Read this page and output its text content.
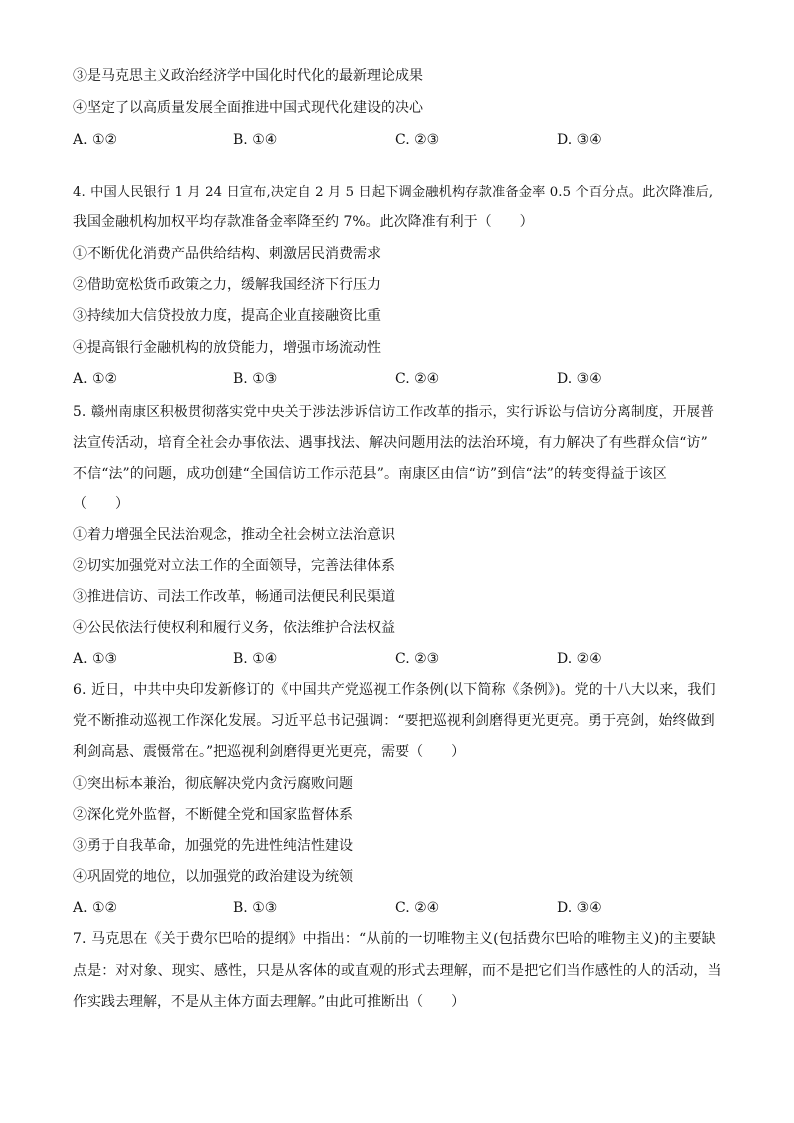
③是马克思主义政治经济学中国化时代化的最新理论成果
④坚定了以高质量发展全面推进中国式现代化建设的决心
A. ①②	B. ①④	C. ②③	D. ③④
4. 中国人民银行 1 月 24 日宣布,决定自 2 月 5 日起下调金融机构存款准备金率 0.5 个百分点。此次降准后,
我国金融机构加权平均存款准备金率降至约 7%。此次降准有利于（　　）
①不断优化消费产品供给结构、刺激居民消费需求
②借助宽松货币政策之力，缓解我国经济下行压力
③持续加大信贷投放力度，提高企业直接融资比重
④提高银行金融机构的放贷能力，增强市场流动性
A. ①②	B. ①③	C. ②④	D. ③④
5. 赣州南康区积极贯彻落实党中央关于涉法涉诉信访工作改革的指示，实行诉讼与信访分离制度，开展普
法宣传活动，培育全社会办事依法、遇事找法、解决问题用法的法治环境，有力解决了有些群众信“访”
不信“法”的问题，成功创建“全国信访工作示范县”。南康区由信“访”到信“法”的转变得益于该区
（　　）
①着力增强全民法治观念，推动全社会树立法治意识
②切实加强党对立法工作的全面领导，完善法律体系
③推进信访、司法工作改革，畅通司法便民利民渠道
④公民依法行使权利和履行义务，依法维护合法权益
A. ①③	B. ①④	C. ②③	D. ②④
6. 近日，中共中央印发新修订的《中国共产党巡视工作条例(以下简称《条例》)。党的十八大以来，我们
党不断推动巡视工作深化发展。习近平总书记强调：“要把巡视利剑磨得更光更亮。勇于亮剑，始终做到
利剑高悬、震慑常在。”把巡视利剑磨得更光更亮，需要（　　）
①突出标本兼治，彻底解决党内贪污腐败问题
②深化党外监督，不断健全党和国家监督体系
③勇于自我革命，加强党的先进性纯洁性建设
④巩固党的地位，以加强党的政治建设为统领
A. ①②	B. ①③	C. ②④	D. ③④
7. 马克思在《关于费尔巴哈的提纲》中指出：“从前的一切唯物主义(包括费尔巴哈的唯物主义)的主要缺
点是：对对象、现实、感性，只是从客体的或直观的形式去理解，而不是把它们当作感性的人的活动，当
作实践去理解，不是从主体方面去理解。”由此可推断出（　　）
